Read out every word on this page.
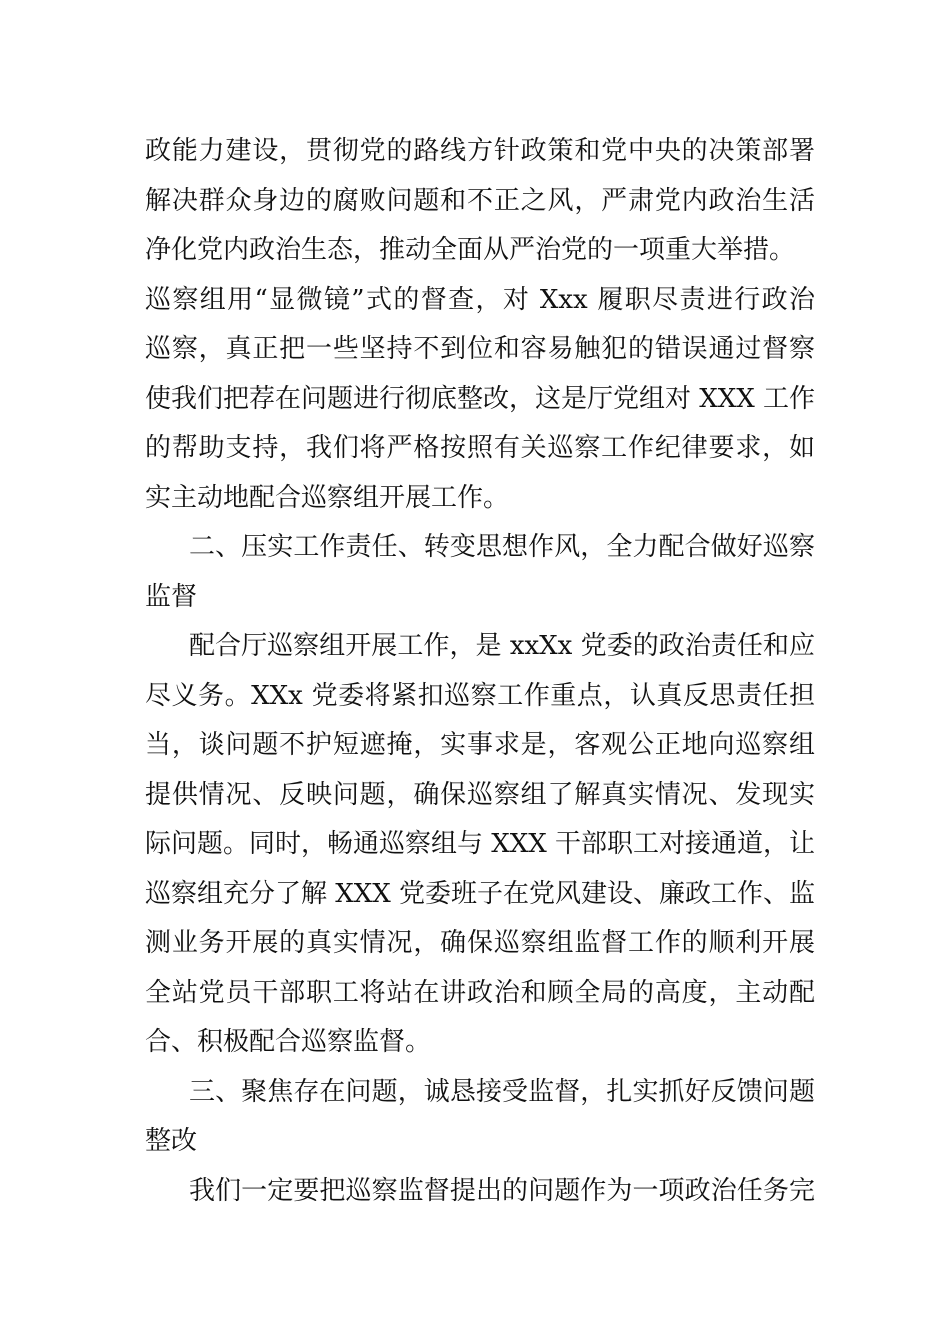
政能力建设，贯彻党的路线方针政策和党中央的决策部署
解决群众身边的腐败问题和不正之风，严肃党内政治生活
净化党内政治生态，推动全面从严治党的一项重大举措。
巡察组用“显微镜”式的督查，对 Xxx 履职尽责进行政治
巡察，真正把一些坚持不到位和容易触犯的错误通过督察
使我们把荐在问题进行彻底整改，这是厅党组对 XXX 工作
的帮助支持，我们将严格按照有关巡察工作纪律要求，如
实主动地配合巡察组开展工作。
二、压实工作责任、转变思想作风，全力配合做好巡察
监督
配合厅巡察组开展工作，是 xxXx 党委的政治责任和应
尽义务。XXx 党委将紧扣巡察工作重点，认真反思责任担
当，谈问题不护短遮掩，实事求是，客观公正地向巡察组
提供情况、反映问题，确保巡察组了解真实情况、发现实
际问题。同时，畅通巡察组与 XXX 干部职工对接通道，让
巡察组充分了解 XXX 党委班子在党风建设、廉政工作、监
测业务开展的真实情况，确保巡察组监督工作的顺利开展
全站党员干部职工将站在讲政治和顾全局的高度，主动配
合、积极配合巡察监督。
三、聚焦存在问题，诚恳接受监督，扎实抓好反馈问题
整改
我们一定要把巡察监督提出的问题作为一项政治任务完
